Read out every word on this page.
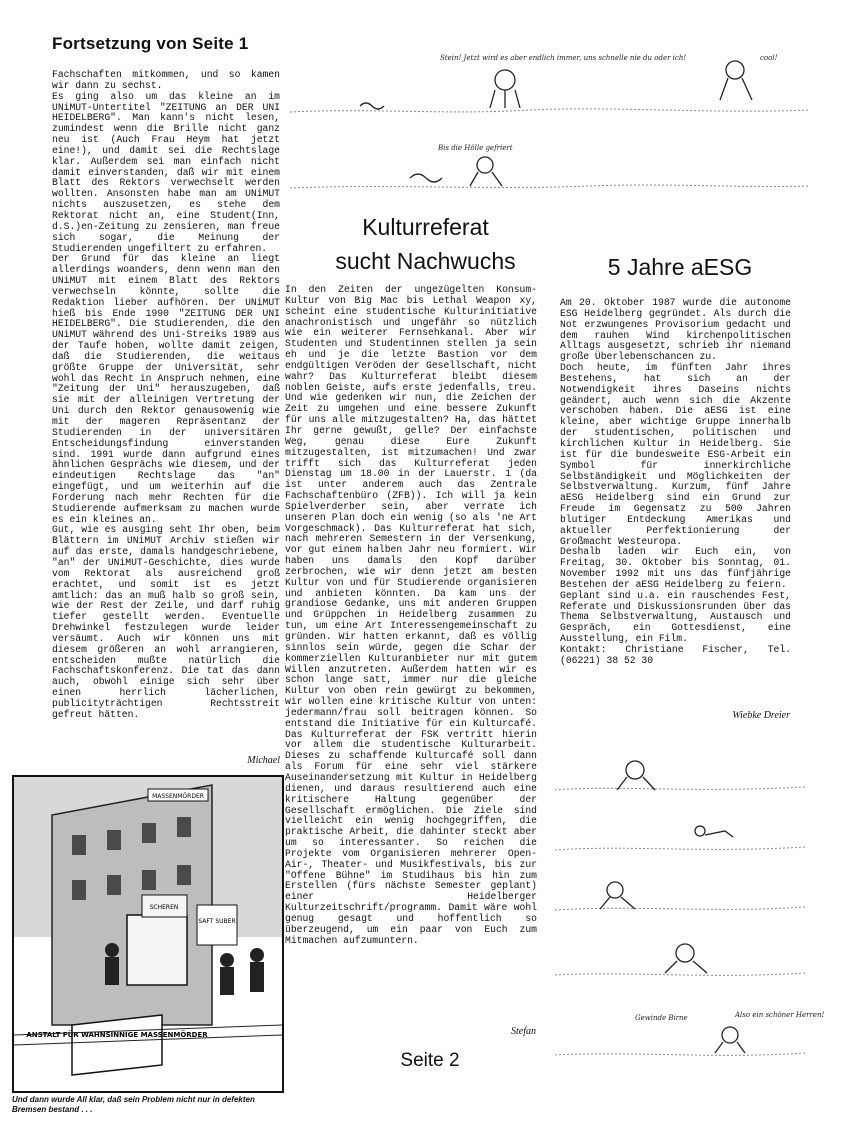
Fortsetzung von Seite 1

Fachschaften mitkommen, und so kamen wir dann zu sechst.

Es ging also um das kleine an im UNiMUT-Untertitel "ZEITUNG an DER UNI HEIDELBERG". Man kann's nicht lesen, zumindest wenn die Brille nicht ganz neu ist (Auch Frau Heym hat jetzt eine!), und damit sei die Rechtslage klar. Außerdem sei man einfach nicht damit einverstanden, daß wir mit einem Blatt des Rektors verwechselt werden wollten. Ansonsten habe man am UNiMUT nichts auszusetzen, es stehe dem Rektorat nicht an, eine Student(Inn, d.S.)en-Zeitung zu zensieren, man freue sich sogar, die Meinung der Studierenden ungefiltert zu erfahren.

Der Grund für das kleine an liegt allerdings woanders, denn wenn man den UNiMUT mit einem Blatt des Rektors verwechseln könnte, sollte die Redaktion lieber aufhören. Der UNiMUT hieß bis Ende 1990 "ZEITUNG DER UNI HEIDELBERG". Die Studierenden, die den UNiMUT während des Uni-Streiks 1989 aus der Taufe hoben, wollte damit zeigen, daß die Studierenden, die weitaus größte Gruppe der Universität, sehr wohl das Recht in Anspruch nehmen, eine "Zeitung der Uni" herauszugeben, daß sie mit der alleinigen Vertretung der Uni durch den Rektor genausowenig wie mit der mageren Repräsentanz der Studierenden in der universitären Entscheidungsfindung einverstanden sind. 1991 wurde dann aufgrund eines ähnlichen Gesprächs wie diesem, und der eindeutigen Rechtslage das "an" eingefügt, und um weiterhin auf die Forderung nach mehr Rechten für die Studierende aufmerksam zu machen wurde es ein kleines an.

Gut, wie es ausging seht Ihr oben, beim Blättern im UNiMUT Archiv stießen wir auf das erste, damals handgeschriebene, "an" der UNiMUT-Geschichte, dies wurde vom Rektorat als ausreichend groß erachtet, und somit ist es jetzt amtlich: das an muß halb so groß sein, wie der Rest der Zeile, und darf ruhig tiefer gestellt werden. Eventuelle Drehwinkel festzulegen wurde leider versäumt. Auch wir können uns mit diesem größeren an wohl arrangieren, entscheiden mußte natürlich die Fachschaftskonferenz. Die tat das dann auch, obwohl einige sich sehr über einen herrlich lächerlichen, publicityträchtigen Rechtsstreit gefreut hätten.

Michael
MASSENMÖRDER
SCHEREN
SAFT SUBER
ANSTALT FÜR WAHNSINNIGE MASSENMÖRDER
Und dann wurde All klar, daß sein Problem nicht nur in defekten Bremsen bestand . . .
Stein! Jetzt wird es aber endlich immer, uns schnelle nie du oder ich!	cool!
Bis die Hölle gefriert
Kulturreferat
sucht Nachwuchs

In den Zeiten der ungezügelten Konsum-Kultur von Big Mac bis Lethal Weapon xy, scheint eine studentische Kulturinitiative anachronistisch und ungefähr so nützlich wie ein weiterer Fernsehkanal. Aber wir Studenten und Studentinnen stellen ja sein eh und je die letzte Bastion vor dem endgültigen Veröden der Gesellschaft, nicht wahr? Das Kulturreferat bleibt diesem noblen Geiste, aufs erste jedenfalls, treu. Und wie gedenken wir nun, die Zeichen der Zeit zu umgehen und eine bessere Zukunft für uns alle mitzugestalten? Ha, das hättet Ihr gerne gewußt, gelle? Der einfachste Weg, genau diese Eure Zukunft mitzugestalten, ist mitzumachen! Und zwar trifft sich das Kulturreferat jeden Dienstag um 18.00 in der Lauerstr. 1 (da ist unter anderem auch das Zentrale Fachschaftenbüro (ZFB)). Ich will ja kein Spielverderber sein, aber verrate ich unseren Plan doch ein wenig (so als 'ne Art Vorgeschmack). Das Kulturreferat hat sich, nach mehreren Semestern in der Versenkung, vor gut einem halben Jahr neu formiert. Wir haben uns damals den Kopf darüber zerbrochen, wie wir denn jetzt am besten Kultur von und für Studierende organisieren und anbieten könnten. Da kam uns der grandiose Gedanke, uns mit anderen Gruppen und Grüppchen in Heidelberg zusammen zu tun, um eine Art Interessengemeinschaft zu gründen. Wir hatten erkannt, daß es völlig sinnlos sein würde, gegen die Schar der kommerziellen Kulturanbieter nur mit gutem Willen anzutreten. Außerdem hatten wir es schon lange satt, immer nur die gleiche Kultur von oben rein gewürgt zu bekommen, wir wollen eine kritische Kultur von unten: jedermann/frau soll beitragen können. So entstand die Initiative für ein Kulturcafé. Das Kulturreferat der FSK vertritt hierin vor allem die studentische Kulturarbeit. Dieses zu schaffende Kulturcafé soll dann als Forum für eine sehr viel stärkere Auseinandersetzung mit Kultur in Heidelberg dienen, und daraus resultierend auch eine kritischere Haltung gegenüber der Gesellschaft ermöglichen. Die Ziele sind vielleicht ein wenig hochgegriffen, die praktische Arbeit, die dahinter steckt aber um so interessanter. So reichen die Projekte vom Organisieren mehrerer Open-Air-, Theater- und Musikfestivals, bis zur "Offene Bühne" im Studihaus bis hin zum Erstellen (fürs nächste Semester geplant) einer Heidelberger Kulturzeitschrift/programm. Damit wäre wohl genug gesagt und hoffentlich so überzeugend, um ein paar von Euch zum Mitmachen aufzumuntern.

Stefan
5 Jahre aESG

Am 20. Oktober 1987 wurde die autonome ESG Heidelberg gegründet. Als durch die Not erzwungenes Provisorium gedacht und dem rauhen Wind kirchenpolitischen Alltags ausgesetzt, schrieb ihr niemand große Überlebenschancen zu.

Doch heute, im fünften Jahr ihres Bestehens, hat sich an der Notwendigkeit ihres Daseins nichts geändert, auch wenn sich die Akzente verschoben haben. Die aESG ist eine kleine, aber wichtige Gruppe innerhalb der studentischen, politischen und kirchlichen Kultur in Heidelberg. Sie ist für die bundesweite ESG-Arbeit ein Symbol für innerkirchliche Selbständigkeit und Möglichkeiten der Selbstverwaltung. Kurzum, fünf Jahre aESG Heidelberg sind ein Grund zur Freude im Gegensatz zu 500 Jahren blutiger Entdeckung Amerikas und aktueller Perfektionierung der Großmacht Westeuropa.

Deshalb laden wir Euch ein, von Freitag, 30. Oktober bis Sonntag, 01. November 1992 mit uns das fünfjährige Bestehen der aESG Heidelberg zu feiern.

Geplant sind u.a. ein rauschendes Fest, Referate und Diskussionsrunden über das Thema Selbstverwaltung, Austausch und Gespräch, ein Gottesdienst, eine Ausstellung, ein Film.

Kontakt: Christiane Fischer, Tel. (06221) 38 52 30

Wiebke Dreier
Gewinde Birne	Also ein schöner Herren!
Seite 2
